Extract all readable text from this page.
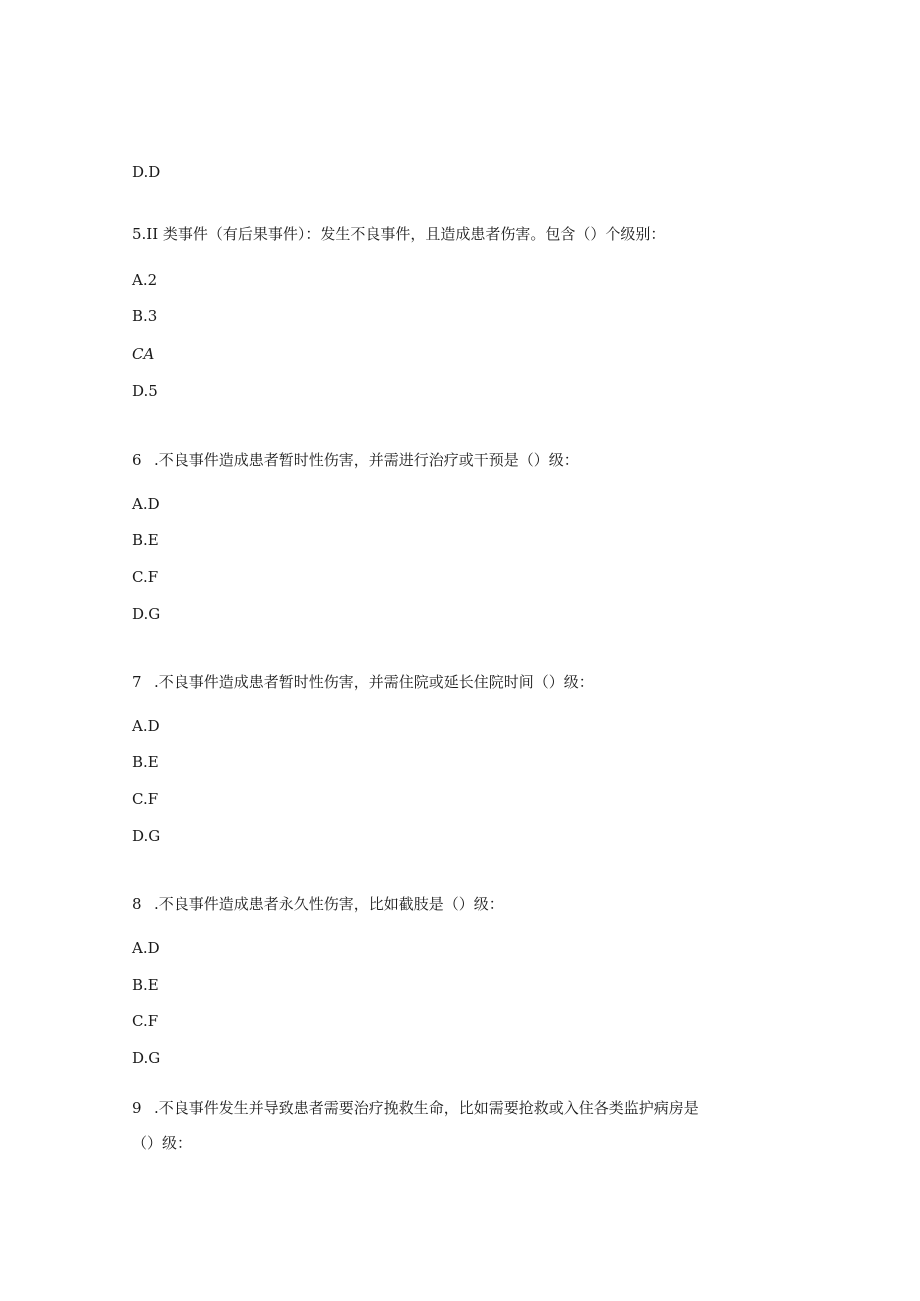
D.D
5.II 类事件（有后果事件）：发生不良事件，且造成患者伤害。包含（）个级别：
A.2
B.3
CA
D.5
6 .不良事件造成患者暂时性伤害，并需进行治疗或干预是（）级：
A.D
B.E
C.F
D.G
7 .不良事件造成患者暂时性伤害，并需住院或延长住院时间（）级：
A.D
B.E
C.F
D.G
8 .不良事件造成患者永久性伤害，比如截肢是（）级：
A.D
B.E
C.F
D.G
9 .不良事件发生并导致患者需要治疗挽救生命，比如需要抢救或入住各类监护病房是
（）级：
